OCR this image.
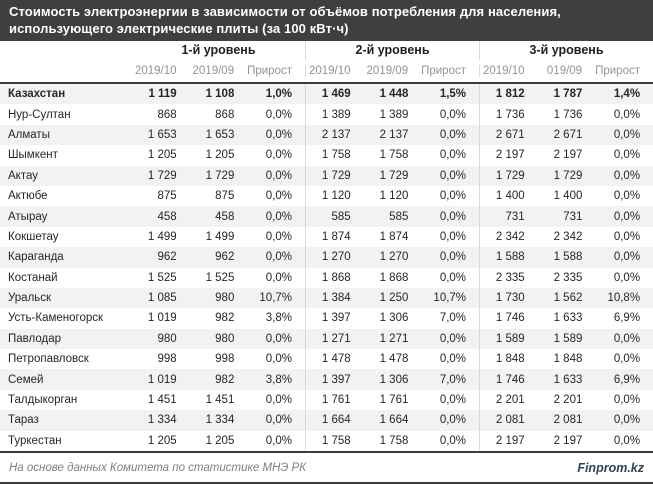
Стоимость электроэнергии в зависимости от объёмов потребления для населения,
использующего электрические плиты (за 100 кВт·ч)
1-й уровень	2-й уровень	3-й уровень
2019/10	2019/09	Прирост	2019/10	2019/09	Прирост	2019/10	019/09	Прирост
Казахстан	1 119	1 108	1,0%	1 469	1 448	1,5%	1 812	1 787	1,4%
Нур-Султан	868	868	0,0%	1 389	1 389	0,0%	1 736	1 736	0,0%
Алматы	1 653	1 653	0,0%	2 137	2 137	0,0%	2 671	2 671	0,0%
Шымкент	1 205	1 205	0,0%	1 758	1 758	0,0%	2 197	2 197	0,0%
Актау	1 729	1 729	0,0%	1 729	1 729	0,0%	1 729	1 729	0,0%
Актюбе	875	875	0,0%	1 120	1 120	0,0%	1 400	1 400	0,0%
Атырау	458	458	0,0%	585	585	0,0%	731	731	0,0%
Кокшетау	1 499	1 499	0,0%	1 874	1 874	0,0%	2 342	2 342	0,0%
Караганда	962	962	0,0%	1 270	1 270	0,0%	1 588	1 588	0,0%
Костанай	1 525	1 525	0,0%	1 868	1 868	0,0%	2 335	2 335	0,0%
Уральск	1 085	980	10,7%	1 384	1 250	10,7%	1 730	1 562	10,8%
Усть-Каменогорск	1 019	982	3,8%	1 397	1 306	7,0%	1 746	1 633	6,9%
Павлодар	980	980	0,0%	1 271	1 271	0,0%	1 589	1 589	0,0%
Петропавловск	998	998	0,0%	1 478	1 478	0,0%	1 848	1 848	0,0%
Семей	1 019	982	3,8%	1 397	1 306	7,0%	1 746	1 633	6,9%
Талдыкорган	1 451	1 451	0,0%	1 761	1 761	0,0%	2 201	2 201	0,0%
Тараз	1 334	1 334	0,0%	1 664	1 664	0,0%	2 081	2 081	0,0%
Туркестан	1 205	1 205	0,0%	1 758	1 758	0,0%	2 197	2 197	0,0%
На основе данных Комитета по статистике МНЭ РК	Finprom.kz
